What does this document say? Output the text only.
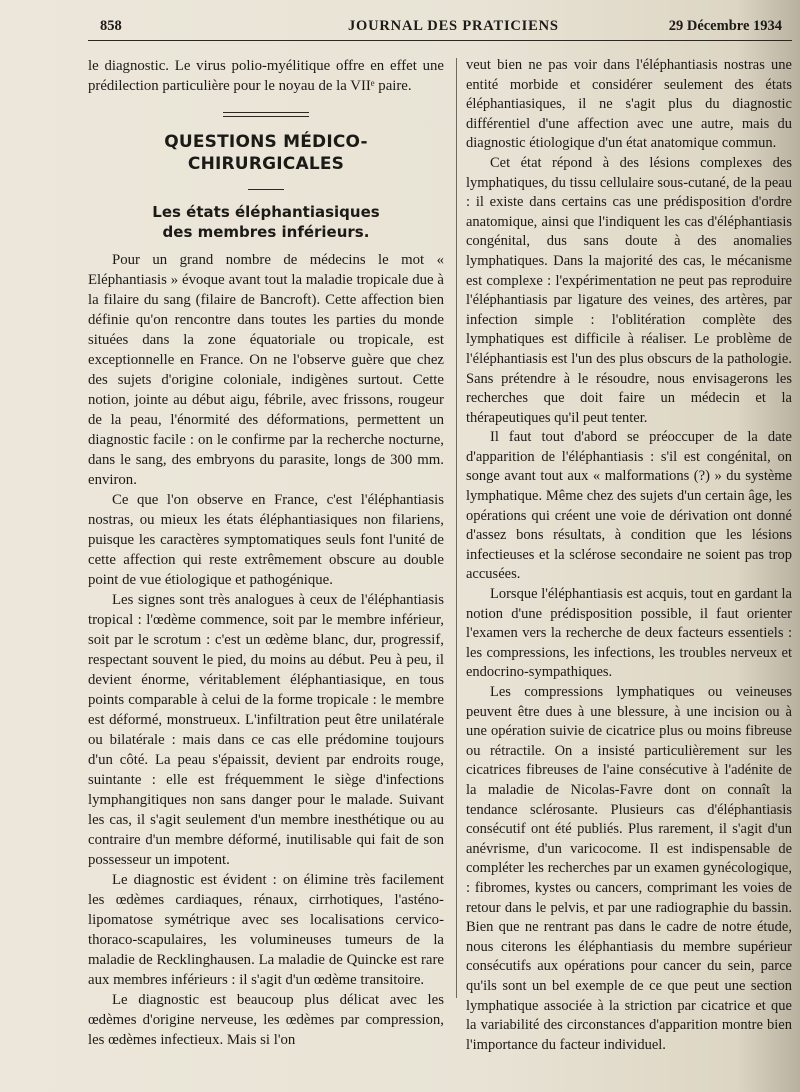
858	JOURNAL DES PRATICIENS	29 Décembre 1934

le diagnostic. Le virus polio-myélitique offre en effet une prédilection particulière pour le noyau de la VIIᵉ paire.

QUESTIONS MÉDICO-CHIRURGICALES
Les états éléphantiasiques
des membres inférieurs.

Pour un grand nombre de médecins le mot « Eléphantiasis » évoque avant tout la maladie tropicale due à la filaire du sang (filaire de Bancroft). Cette affection bien définie qu'on rencontre dans toutes les parties du monde situées dans la zone équatoriale ou tropicale, est exceptionnelle en France. On ne l'observe guère que chez des sujets d'origine coloniale, indigènes surtout. Cette notion, jointe au début aigu, fébrile, avec frissons, rougeur de la peau, l'énormité des déformations, permettent un diagnostic facile : on le confirme par la recherche nocturne, dans le sang, des embryons du parasite, longs de 300 mm. environ.

Ce que l'on observe en France, c'est l'éléphantiasis nostras, ou mieux les états éléphantiasiques non filariens, puisque les caractères symptomatiques seuls font l'unité de cette affection qui reste extrêmement obscure au double point de vue étiologique et pathogénique.

Les signes sont très analogues à ceux de l'éléphantiasis tropical : l'œdème commence, soit par le membre inférieur, soit par le scrotum : c'est un œdème blanc, dur, progressif, respectant souvent le pied, du moins au début. Peu à peu, il devient énorme, véritablement éléphantiasique, en tous points comparable à celui de la forme tropicale : le membre est déformé, monstrueux. L'infiltration peut être unilatérale ou bilatérale : mais dans ce cas elle prédomine toujours d'un côté. La peau s'épaissit, devient par endroits rouge, suintante : elle est fréquemment le siège d'infections lymphangitiques non sans danger pour le malade. Suivant les cas, il s'agit seulement d'un membre inesthétique ou au contraire d'un membre déformé, inutilisable qui fait de son possesseur un impotent.

Le diagnostic est évident : on élimine très facilement les œdèmes cardiaques, rénaux, cirrhotiques, l'asténo-lipomatose symétrique avec ses localisations cervico-thoraco-scapulaires, les volumineuses tumeurs de la maladie de Recklinghausen. La maladie de Quincke est rare aux membres inférieurs : il s'agit d'un œdème transitoire.

Le diagnostic est beaucoup plus délicat avec les œdèmes d'origine nerveuse, les œdèmes par compression, les œdèmes infectieux. Mais si l'on

veut bien ne pas voir dans l'éléphantiasis nostras une entité morbide et considérer seulement des états éléphantiasiques, il ne s'agit plus du diagnostic différentiel d'une affection avec une autre, mais du diagnostic étiologique d'un état anatomique commun.

Cet état répond à des lésions complexes des lymphatiques, du tissu cellulaire sous-cutané, de la peau : il existe dans certains cas une prédisposition d'ordre anatomique, ainsi que l'indiquent les cas d'éléphantiasis congénital, dus sans doute à des anomalies lymphatiques. Dans la majorité des cas, le mécanisme est complexe : l'expérimentation ne peut pas reproduire l'éléphantiasis par ligature des veines, des artères, par infection simple : l'oblitération complète des lymphatiques est difficile à réaliser. Le problème de l'éléphantiasis est l'un des plus obscurs de la pathologie. Sans prétendre à le résoudre, nous envisagerons les recherches que doit faire un médecin et la thérapeutiques qu'il peut tenter.

Il faut tout d'abord se préoccuper de la date d'apparition de l'éléphantiasis : s'il est congénital, on songe avant tout aux « malformations (?) » du système lymphatique. Même chez des sujets d'un certain âge, les opérations qui créent une voie de dérivation ont donné d'assez bons résultats, à condition que les lésions infectieuses et la sclérose secondaire ne soient pas trop accusées.

Lorsque l'éléphantiasis est acquis, tout en gardant la notion d'une prédisposition possible, il faut orienter l'examen vers la recherche de deux facteurs essentiels : les compressions, les infections, les troubles nerveux et endocrino-sympathiques.

Les compressions lymphatiques ou veineuses peuvent être dues à une blessure, à une incision ou à une opération suivie de cicatrice plus ou moins fibreuse ou rétractile. On a insisté particulièrement sur les cicatrices fibreuses de l'aine consécutive à l'adénite de la maladie de Nicolas-Favre dont on connaît la tendance sclérosante. Plusieurs cas d'éléphantiasis consécutif ont été publiés. Plus rarement, il s'agit d'un anévrisme, d'un varicocome. Il est indispensable de compléter les recherches par un examen gynécologique, : fibromes, kystes ou cancers, comprimant les voies de retour dans le pelvis, et par une radiographie du bassin. Bien que ne rentrant pas dans le cadre de notre étude, nous citerons les éléphantiasis du membre supérieur consécutifs aux opérations pour cancer du sein, parce qu'ils sont un bel exemple de ce que peut une section lymphatique associée à la striction par cicatrice et que la variabilité des circonstances d'apparition montre bien l'importance du facteur individuel.
